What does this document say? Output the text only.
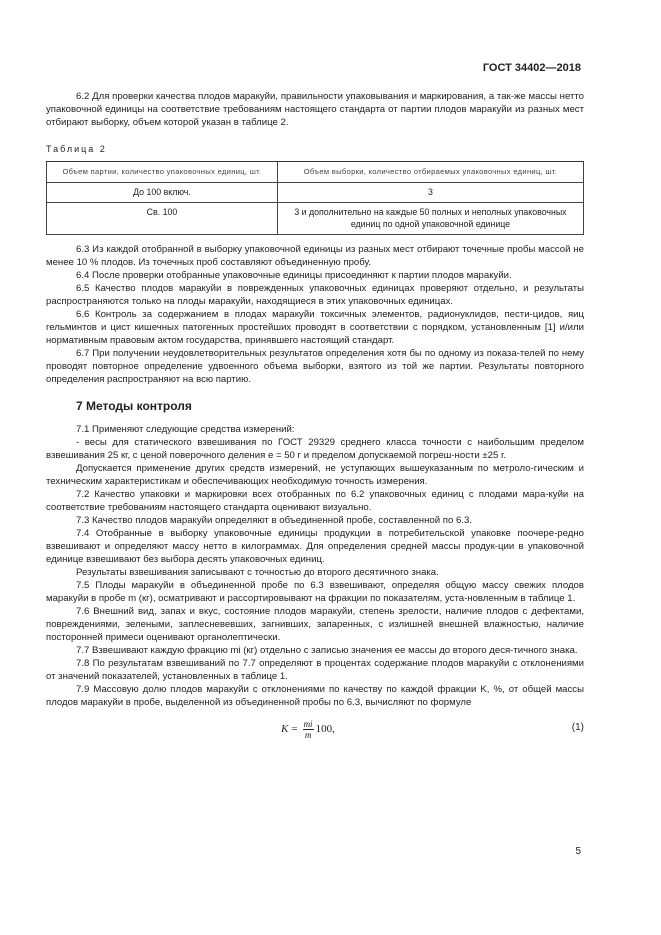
ГОСТ 34402—2018

6.2 Для проверки качества плодов маракуйи, правильности упаковывания и маркирования, а так-же массы нетто упаковочной единицы на соответствие требованиям настоящего стандарта от партии плодов маракуйи из разных мест отбирают выборку, объем которой указан в таблице 2.

Таблица 2

Объем партии, количество упаковочных единиц, шт.	Объем выборки, количество отбираемых упаковочных единиц, шт.
До 100 включ.	3
Св. 100	3 и дополнительно на каждые 50 полных и неполных упаковочных единиц по одной упаковочной единице

6.3 Из каждой отобранной в выборку упаковочной единицы из разных мест отбирают точечные пробы массой не менее 10 % плодов. Из точечных проб составляют объединенную пробу.

6.4 После проверки отобранные упаковочные единицы присоединяют к партии плодов маракуйи.

6.5 Качество плодов маракуйи в поврежденных упаковочных единицах проверяют отдельно, и результаты распространяются только на плоды маракуйи, находящиеся в этих упаковочных единицах.

6.6 Контроль за содержанием в плодах маракуйи токсичных элементов, радионуклидов, пести-цидов, яиц гельминтов и цист кишечных патогенных простейших проводят в соответствии с порядком, установленным [1] и/или нормативным правовым актом государства, принявшего настоящий стандарт.

6.7 При получении неудовлетворительных результатов определения хотя бы по одному из показа-телей по нему проводят повторное определение удвоенного объема выборки, взятого из той же партии. Результаты повторного определения распространяют на всю партию.

7 Методы контроля

7.1 Применяют следующие средства измерений:

- весы для статического взвешивания по ГОСТ 29329 среднего класса точности с наибольшим пределом взвешивания 25 кг, с ценой поверочного деления e = 50 г и пределом допускаемой погреш-ности ±25 г.

Допускается применение других средств измерений, не уступающих вышеуказанным по метроло-гическим и техническим характеристикам и обеспечивающих необходимую точность измерения.

7.2 Качество упаковки и маркировки всех отобранных по 6.2 упаковочных единиц с плодами мара-куйи на соответствие требованиям настоящего стандарта оценивают визуально.

7.3 Качество плодов маракуйи определяют в объединенной пробе, составленной по 6.3.

7.4 Отобранные в выборку упаковочные единицы продукции в потребительской упаковке поочере-редно взвешивают и определяют массу нетто в килограммах. Для определения средней массы продук-ции в упаковочной единице взвешивают без выбора десять упаковочных единиц.

Результаты взвешивания записывают с точностью до второго десятичного знака.

7.5 Плоды маракуйи в объединенной пробе по 6.3 взвешивают, определяя общую массу свежих плодов маракуйи в пробе m (кг), осматривают и рассортировывают на фракции по показателям, уста-новленным в таблице 1.

7.6 Внешний вид, запах и вкус, состояние плодов маракуйи, степень зрелости, наличие плодов с дефектами, повреждениями, зелеными, заплесневевших, загнивших, запаренных, с излишней внешней влажностью, наличие посторонней примеси оценивают органолептически.

7.7 Взвешивают каждую фракцию mi (кг) отдельно с записью значения ее массы до второго деся-тичного знака.

7.8 По результатам взвешиваний по 7.7 определяют в процентах содержание плодов маракуйи с отклонениями от значений показателей, установленных в таблице 1.

7.9 Массовую долю плодов маракуйи с отклонениями по качеству по каждой фракции K, %, от общей массы плодов маракуйи в пробе, выделенной из объединенной пробы по 6.3, вычисляют по формуле

$K = \frac{mi}{m} 100$,	(1)
5
